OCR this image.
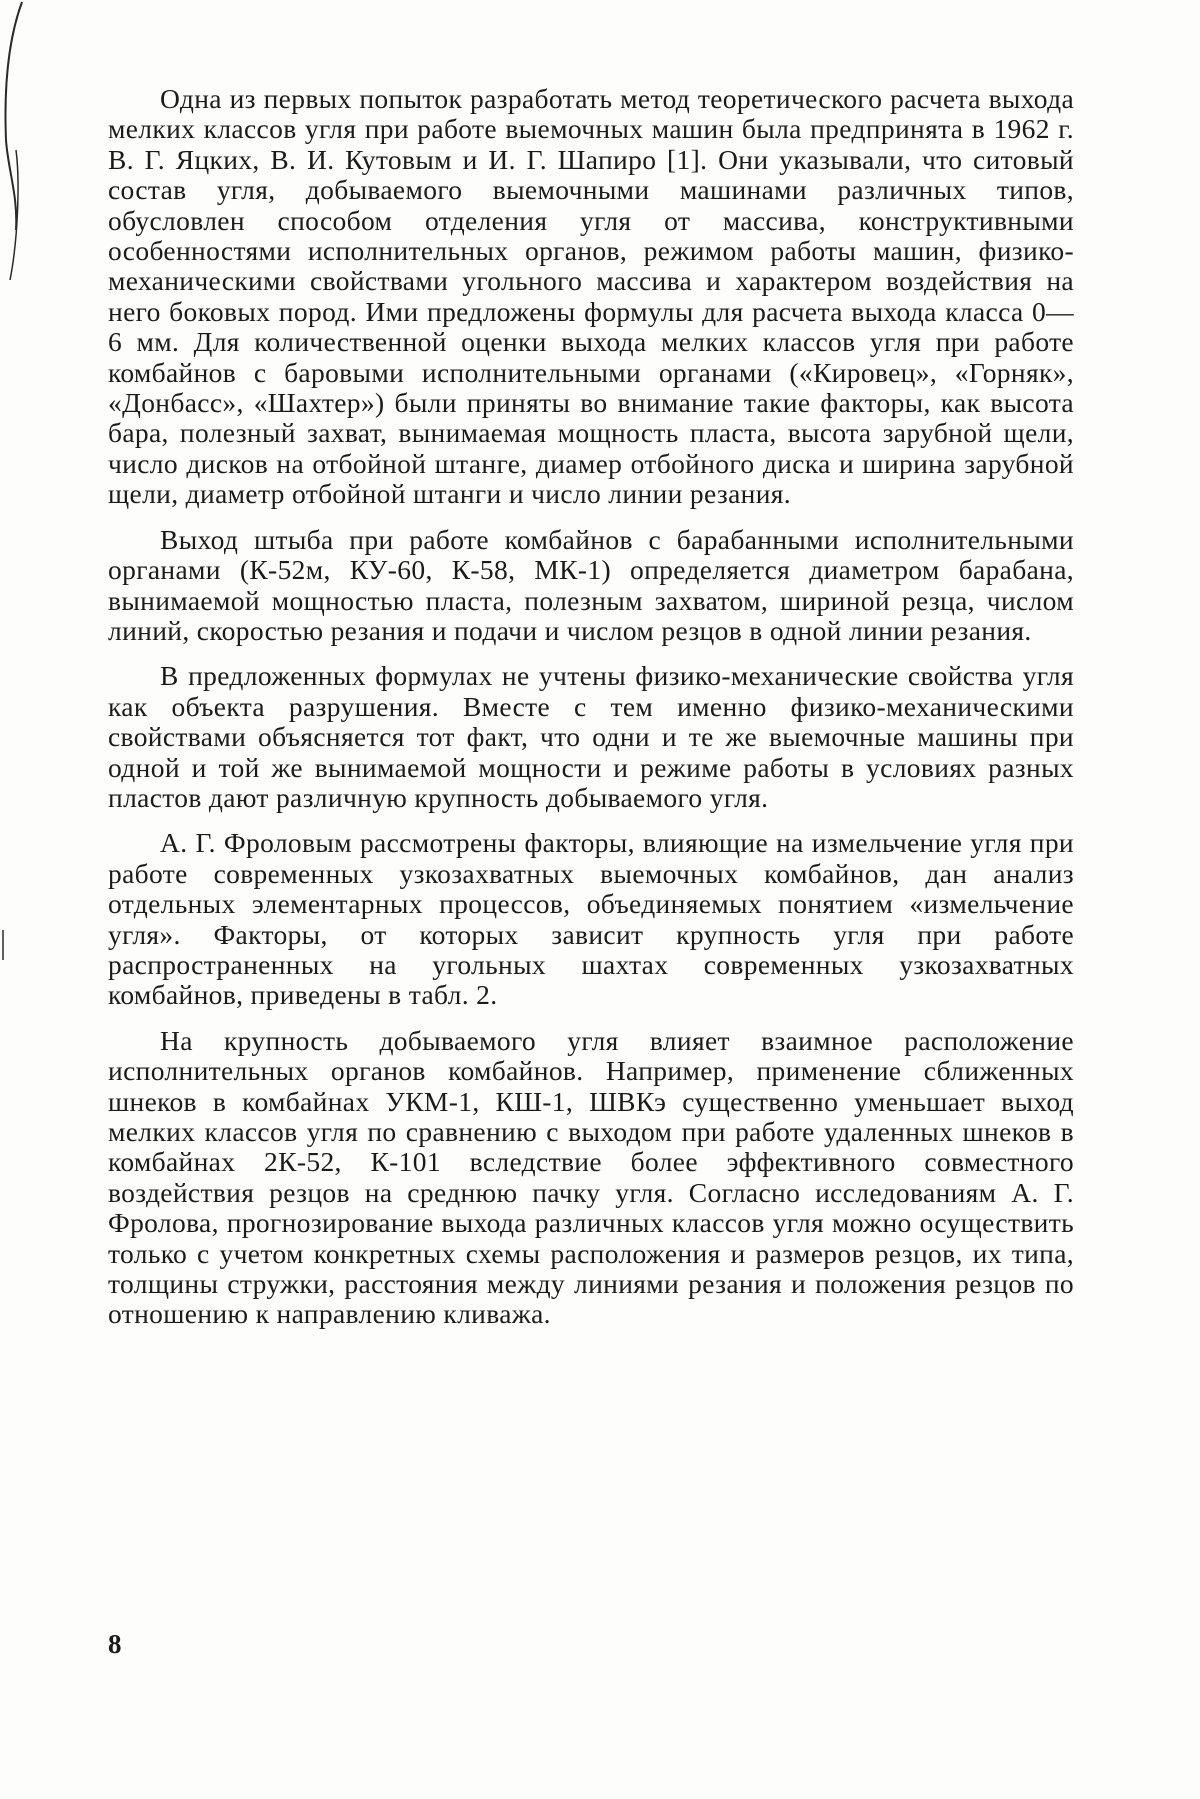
Одна из первых попыток разработать метод теоретического расчета выхода мелких классов угля при работе выемочных машин была предпринята в 1962 г. В. Г. Яцких, В. И. Кутовым и И. Г. Шапиро [1]. Они указывали, что ситовый состав угля, добываемого выемочными машинами различных типов, обусловлен способом отделения угля от массива, конструктивными особенностями исполнительных органов, режимом работы машин, физико-механическими свойствами угольного массива и характером воздействия на него боковых пород. Ими предложены формулы для расчета выхода класса 0—6 мм. Для количественной оценки выхода мелких классов угля при работе комбайнов с баровыми исполнительными органами («Кировец», «Горняк», «Донбасс», «Шахтер») были приняты во внимание такие факторы, как высота бара, полезный захват, вынимаемая мощность пласта, высота зарубной щели, число дисков на отбойной штанге, диамер отбойного диска и ширина зарубной щели, диаметр отбойной штанги и число линии резания.

Выход штыба при работе комбайнов с барабанными исполнительными органами (К-52м, КУ-60, К-58, МК-1) определяется диаметром барабана, вынимаемой мощностью пласта, полезным захватом, шириной резца, числом линий, скоростью резания и подачи и числом резцов в одной линии резания.

В предложенных формулах не учтены физико-механические свойства угля как объекта разрушения. Вместе с тем именно физико-механическими свойствами объясняется тот факт, что одни и те же выемочные машины при одной и той же вынимаемой мощности и режиме работы в условиях разных пластов дают различную крупность добываемого угля.

А. Г. Фроловым рассмотрены факторы, влияющие на измельчение угля при работе современных узкозахватных выемочных комбайнов, дан анализ отдельных элементарных процессов, объединяемых понятием «измельчение угля». Факторы, от которых зависит крупность угля при работе распространенных на угольных шахтах современных узкозахватных комбайнов, приведены в табл. 2.

На крупность добываемого угля влияет взаимное расположение исполнительных органов комбайнов. Например, применение сближенных шнеков в комбайнах УКМ-1, КШ-1, ШВКэ существенно уменьшает выход мелких классов угля по сравнению с выходом при работе удаленных шнеков в комбайнах 2К-52, К-101 вследствие более эффективного совместного воздействия резцов на среднюю пачку угля. Согласно исследованиям А. Г. Фролова, прогнозирование выхода различных классов угля можно осуществить только с учетом конкретных схемы расположения и размеров резцов, их типа, толщины стружки, расстояния между линиями резания и положения резцов по отношению к направлению кливажа.

8
